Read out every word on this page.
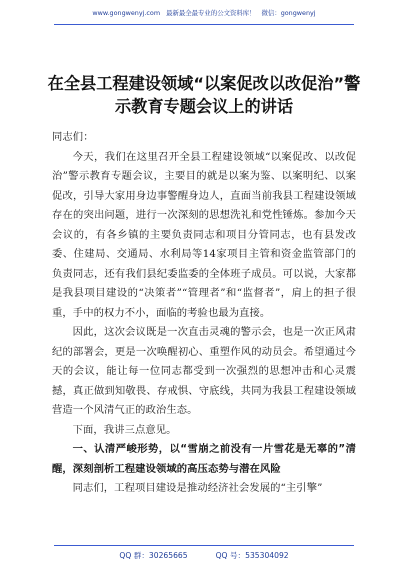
www.gongwenyj.com 最新最全最专业的公文资料库！ 微信：gongwenyj
在全县工程建设领域“以案促改以改促治”警示教育专题会议上的讲话

同志们：

今天，我们在这里召开全县工程建设领域“以案促改、以改促治”警示教育专题会议，主要目的就是以案为鉴、以案明纪、以案促改，引导大家用身边事警醒身边人，直面当前我县工程建设领域存在的突出问题，进行一次深刻的思想洗礼和党性锤炼。参加今天会议的，有各乡镇的主要负责同志和项目分管同志，也有县发改委、住建局、交通局、水利局等14家项目主管和资金监管部门的负责同志，还有我们县纪委监委的全体班子成员。可以说，大家都是我县项目建设的“决策者”“管理者”和“监督者”，肩上的担子很重，手中的权力不小，面临的考验也最为直接。

因此，这次会议既是一次直击灵魂的警示会，也是一次正风肃纪的部署会，更是一次唤醒初心、重塑作风的动员会。希望通过今天的会议，能让每一位同志都受到一次强烈的思想冲击和心灵震撼，真正做到知敬畏、存戒惧、守底线，共同为我县工程建设领域营造一个风清气正的政治生态。

下面，我讲三点意见。

一、认清严峻形势，以“雪崩之前没有一片雪花是无辜的”清醒，深刻剖析工程建设领域的高压态势与潜在风险

同志们，工程项目建设是推动经济社会发展的“主引擎”

QQ 群：30265665	QQ 号：535304092
